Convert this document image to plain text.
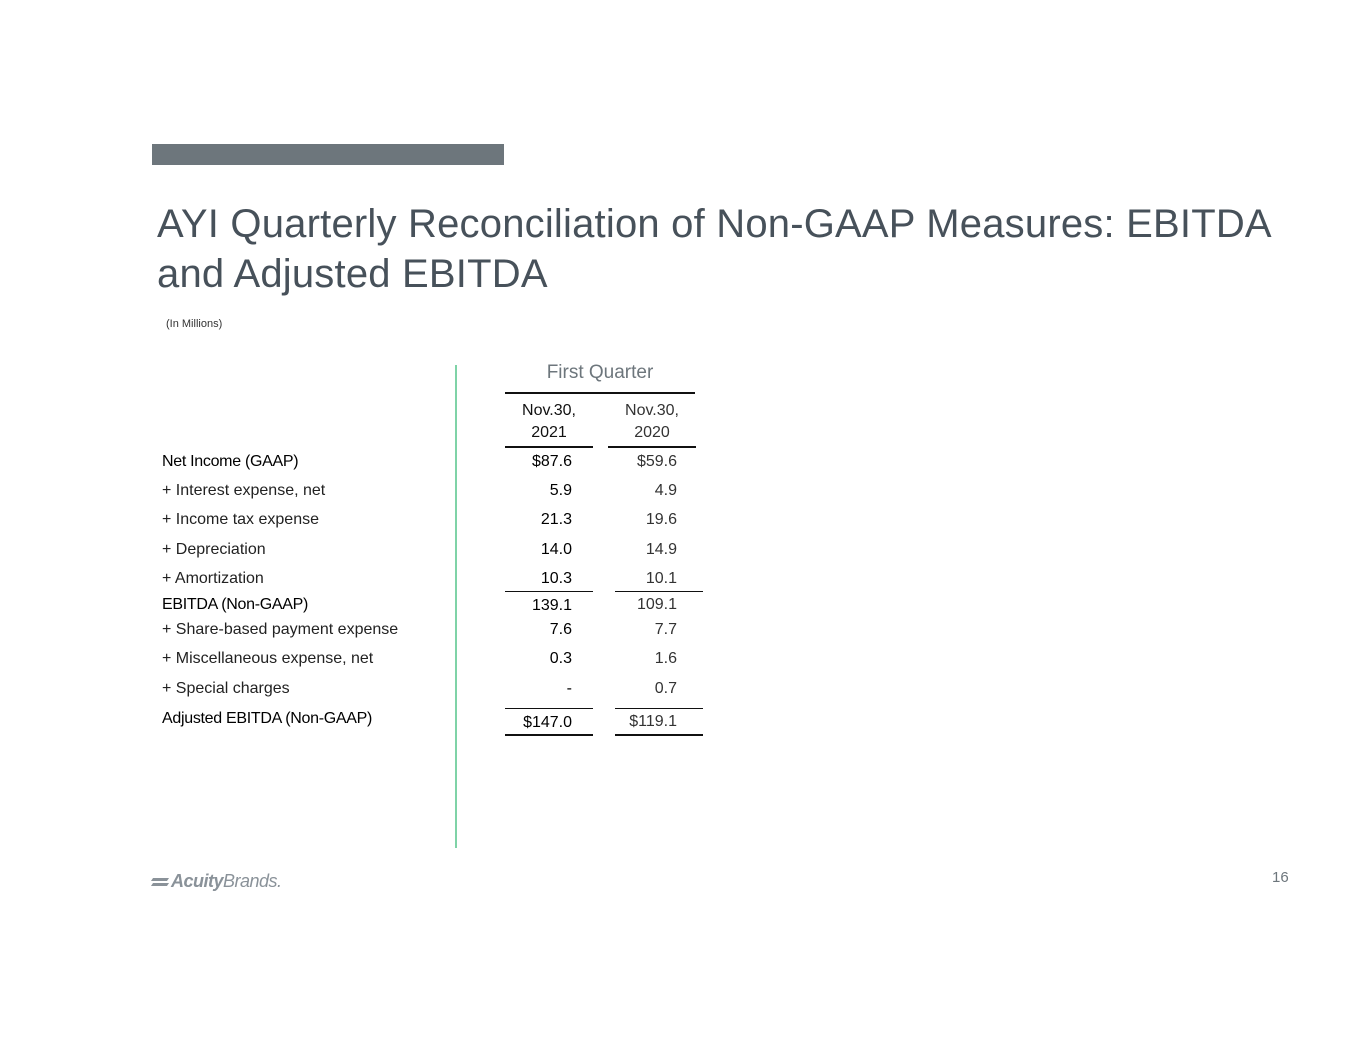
AYI Quarterly Reconciliation of Non-GAAP Measures: EBITDA and Adjusted EBITDA
(In Millions)
First Quarter
Nov.30,
2021
Nov.30,
2020
Net Income (GAAP)	$87.6	$59.6
+ Interest expense, net	5.9	4.9
+ Income tax expense	21.3	19.6
+ Depreciation	14.0	14.9
+ Amortization	10.3	10.1
EBITDA (Non-GAAP)	139.1	109.1
+ Share-based payment expense	7.6	7.7
+ Miscellaneous expense, net	0.3	1.6
+ Special charges	-	0.7
Adjusted EBITDA (Non-GAAP)	$147.0	$119.1
Acuity Brands.	16
